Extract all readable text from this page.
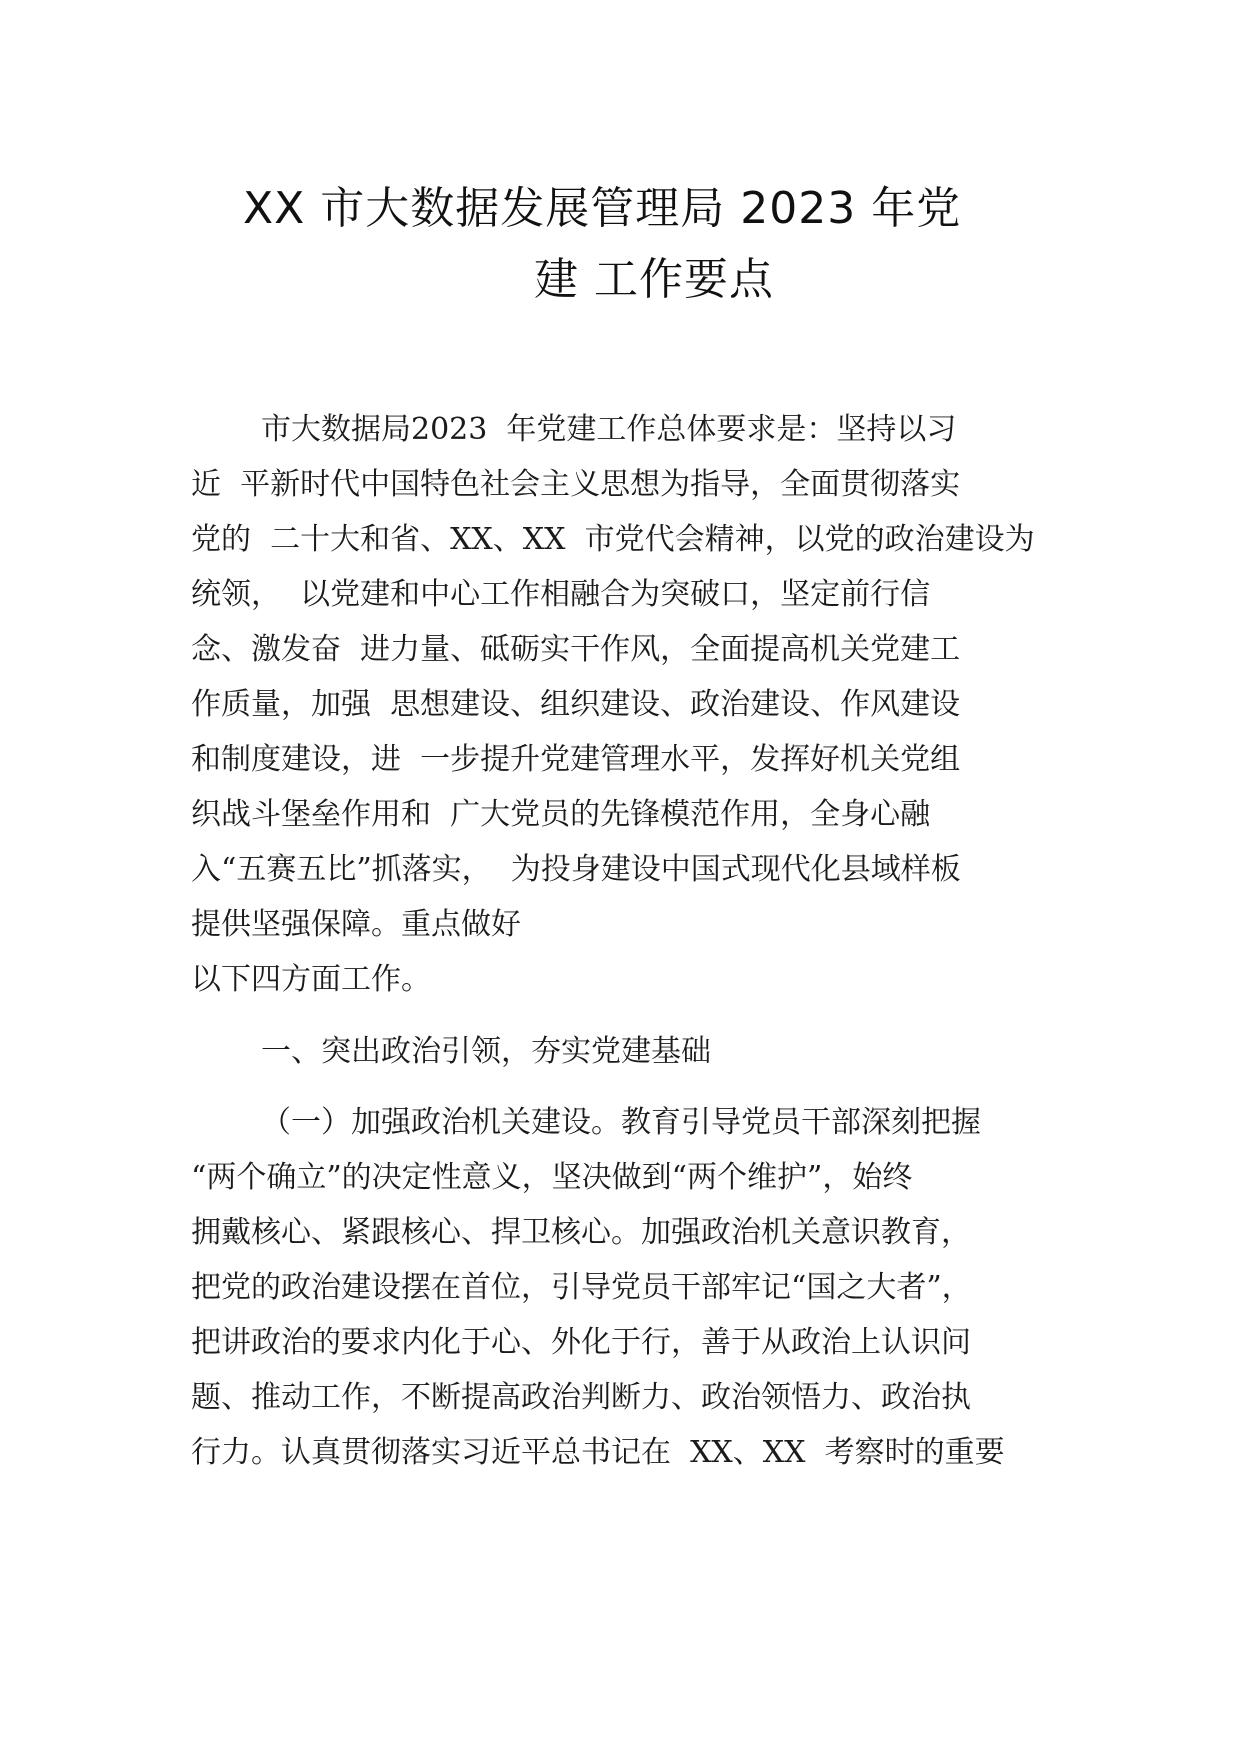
XX 市大数据发展管理局 2023 年党
建 工作要点
市大数据局2023  年党建工作总体要求是：坚持以习
近  平新时代中国特色社会主义思想为指导，全面贯彻落实
党的  二十大和省、XX、XX  市党代会精神，以党的政治建设为
统领，  以党建和中心工作相融合为突破口，坚定前行信
念、激发奋  进力量、砥砺实干作风，全面提高机关党建工
作质量，加强  思想建设、组织建设、政治建设、作风建设
和制度建设，进  一步提升党建管理水平，发挥好机关党组
织战斗堡垒作用和  广大党员的先锋模范作用，全身心融
入“五赛五比”抓落实，  为投身建设中国式现代化县域样板
提供坚强保障。重点做好
以下四方面工作。
一、突出政治引领，夯实党建基础
（一）加强政治机关建设。教育引导党员干部深刻把握
“两个确立”的决定性意义，坚决做到“两个维护”，始终
拥戴核心、紧跟核心、捍卫核心。加强政治机关意识教育，
把党的政治建设摆在首位，引导党员干部牢记“国之大者”，
把讲政治的要求内化于心、外化于行，善于从政治上认识问
题、推动工作，不断提高政治判断力、政治领悟力、政治执
行力。认真贯彻落实习近平总书记在  XX、XX  考察时的重要
